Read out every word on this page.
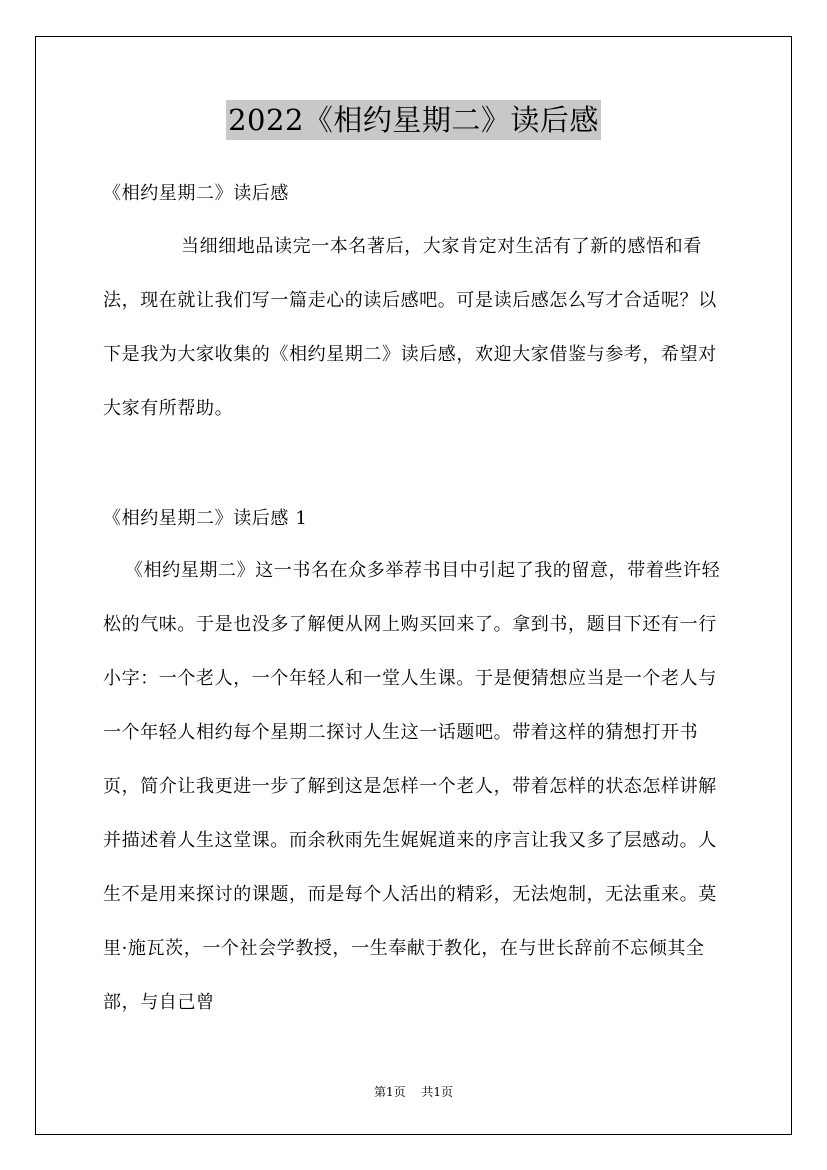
2022《相约星期二》读后感
《相约星期二》读后感

当细细地品读完一本名著后，大家肯定对生活有了新的感悟和看法，现在就让我们写一篇走心的读后感吧。可是读后感怎么写才合适呢？以下是我为大家收集的《相约星期二》读后感，欢迎大家借鉴与参考，希望对大家有所帮助。

《相约星期二》读后感 1

《相约星期二》这一书名在众多举荐书目中引起了我的留意，带着些许轻松的气味。于是也没多了解便从网上购买回来了。拿到书，题目下还有一行小字：一个老人，一个年轻人和一堂人生课。于是便猜想应当是一个老人与一个年轻人相约每个星期二探讨人生这一话题吧。带着这样的猜想打开书页，简介让我更进一步了解到这是怎样一个老人，带着怎样的状态怎样讲解并描述着人生这堂课。而余秋雨先生娓娓道来的序言让我又多了层感动。人生不是用来探讨的课题，而是每个人活出的精彩，无法炮制，无法重来。莫里·施瓦茨，一个社会学教授，一生奉献于教化，在与世长辞前不忘倾其全部，与自己曾

第1页 共1页
